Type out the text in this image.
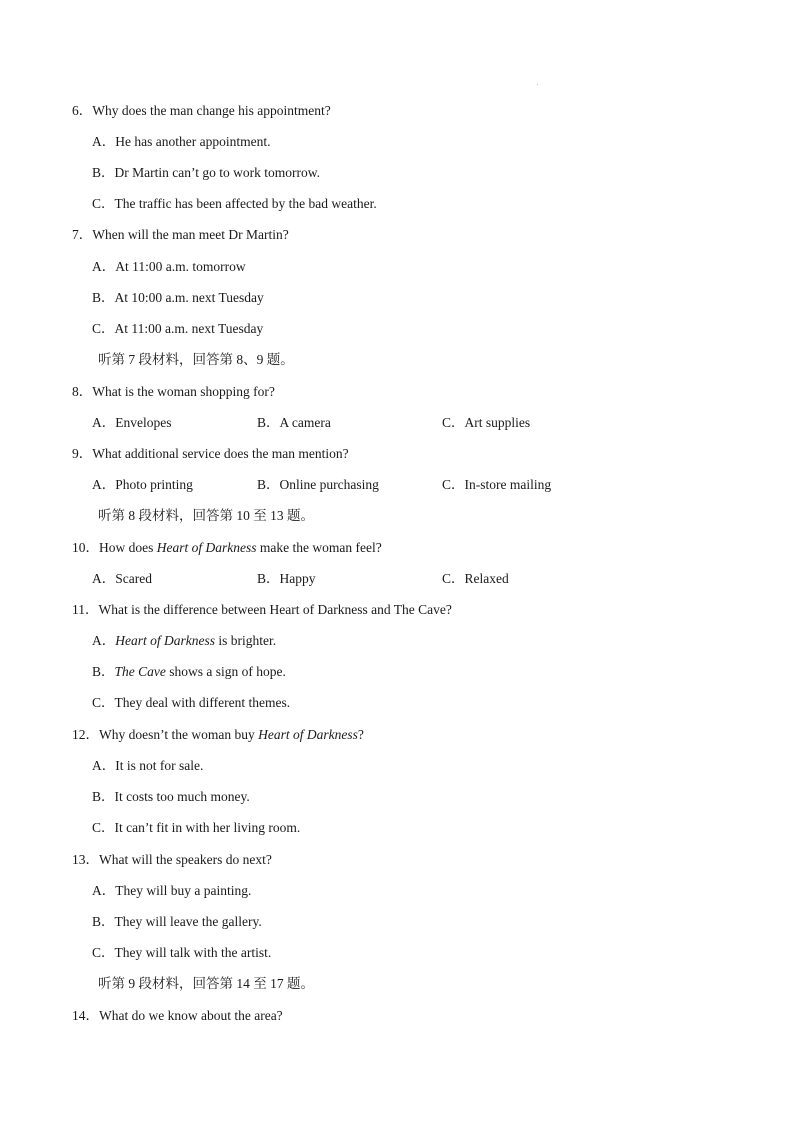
6．Why does the man change his appointment?
A．He has another appointment.
B．Dr Martin can’t go to work tomorrow.
C．The traffic has been affected by the bad weather.
7．When will the man meet Dr Martin?
A．At 11:00 a.m. tomorrow
B．At 10:00 a.m. next Tuesday
C．At 11:00 a.m. next Tuesday
听第 7 段材料，回答第 8、9 题。
8．What is the woman shopping for?
A．Envelopes	B．A camera	C．Art supplies
9．What additional service does the man mention?
A．Photo printing	B．Online purchasing	C．In-store mailing
听第 8 段材料，回答第 10 至 13 题。
10．How does Heart of Darkness make the woman feel?
A．Scared	B．Happy	C．Relaxed
11．What is the difference between Heart of Darkness and The Cave?
A．Heart of Darkness is brighter.
B．The Cave shows a sign of hope.
C．They deal with different themes.
12．Why doesn’t the woman buy Heart of Darkness?
A．It is not for sale.
B．It costs too much money.
C．It can’t fit in with her living room.
13．What will the speakers do next?
A．They will buy a painting.
B．They will leave the gallery.
C．They will talk with the artist.
听第 9 段材料，回答第 14 至 17 题。
14．What do we know about the area?
